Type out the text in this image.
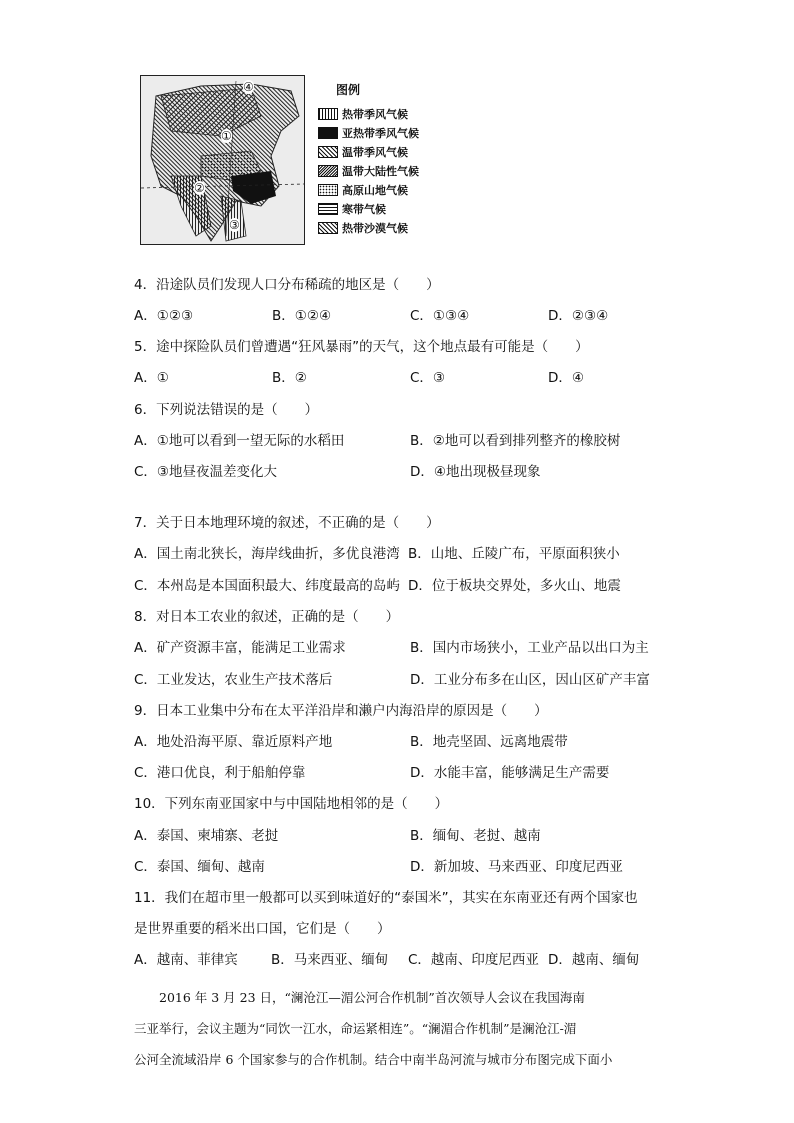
④
①
②
③
图例
热带季风气候
亚热带季风气候
温带季风气候
温带大陆性气候
高原山地气候
寒带气候
热带沙漠气候
4．沿途队员们发现人口分布稀疏的地区是（　　）
A．①②③	B．①②④	C．①③④	D．②③④
5．途中探险队员们曾遭遇“狂风暴雨”的天气，这个地点最有可能是（　　）
A．①	B．②	C．③	D．④
6．下列说法错误的是（　　）
A．①地可以看到一望无际的水稻田	B．②地可以看到排列整齐的橡胶树
C．③地昼夜温差变化大	D．④地出现极昼现象
7．关于日本地理环境的叙述，不正确的是（　　）
A．国土南北狭长，海岸线曲折，多优良港湾 B．山地、丘陵广布，平原面积狭小
C．本州岛是本国面积最大、纬度最高的岛屿 D．位于板块交界处，多火山、地震
8．对日本工农业的叙述，正确的是（　　）
A．矿产资源丰富，能满足工业需求	B．国内市场狭小，工业产品以出口为主
C．工业发达，农业生产技术落后	D．工业分布多在山区，因山区矿产丰富
9．日本工业集中分布在太平洋沿岸和濑户内海沿岸的原因是（　　）
A．地处沿海平原、靠近原料产地	B．地壳坚固、远离地震带
C．港口优良，利于船舶停靠	D．水能丰富，能够满足生产需要
10．下列东南亚国家中与中国陆地相邻的是（　　）
A．泰国、柬埔寨、老挝	B．缅甸、老挝、越南
C．泰国、缅甸、越南	D．新加坡、马来西亚、印度尼西亚
11．我们在超市里一般都可以买到味道好的“泰国米”，其实在东南亚还有两个国家也
是世界重要的稻米出口国，它们是（　　）
A．越南、菲律宾 B．马来西亚、缅甸 C．越南、印度尼西亚 D．越南、缅甸
　　2016 年 3 月 23 日，“澜沧江—湄公河合作机制”首次领导人会议在我国海南
三亚举行，会议主题为“同饮一江水，命运紧相连”。“澜湄合作机制”是澜沧江-湄
公河全流域沿岸 6 个国家参与的合作机制。结合中南半岛河流与城市分布图完成下面小
